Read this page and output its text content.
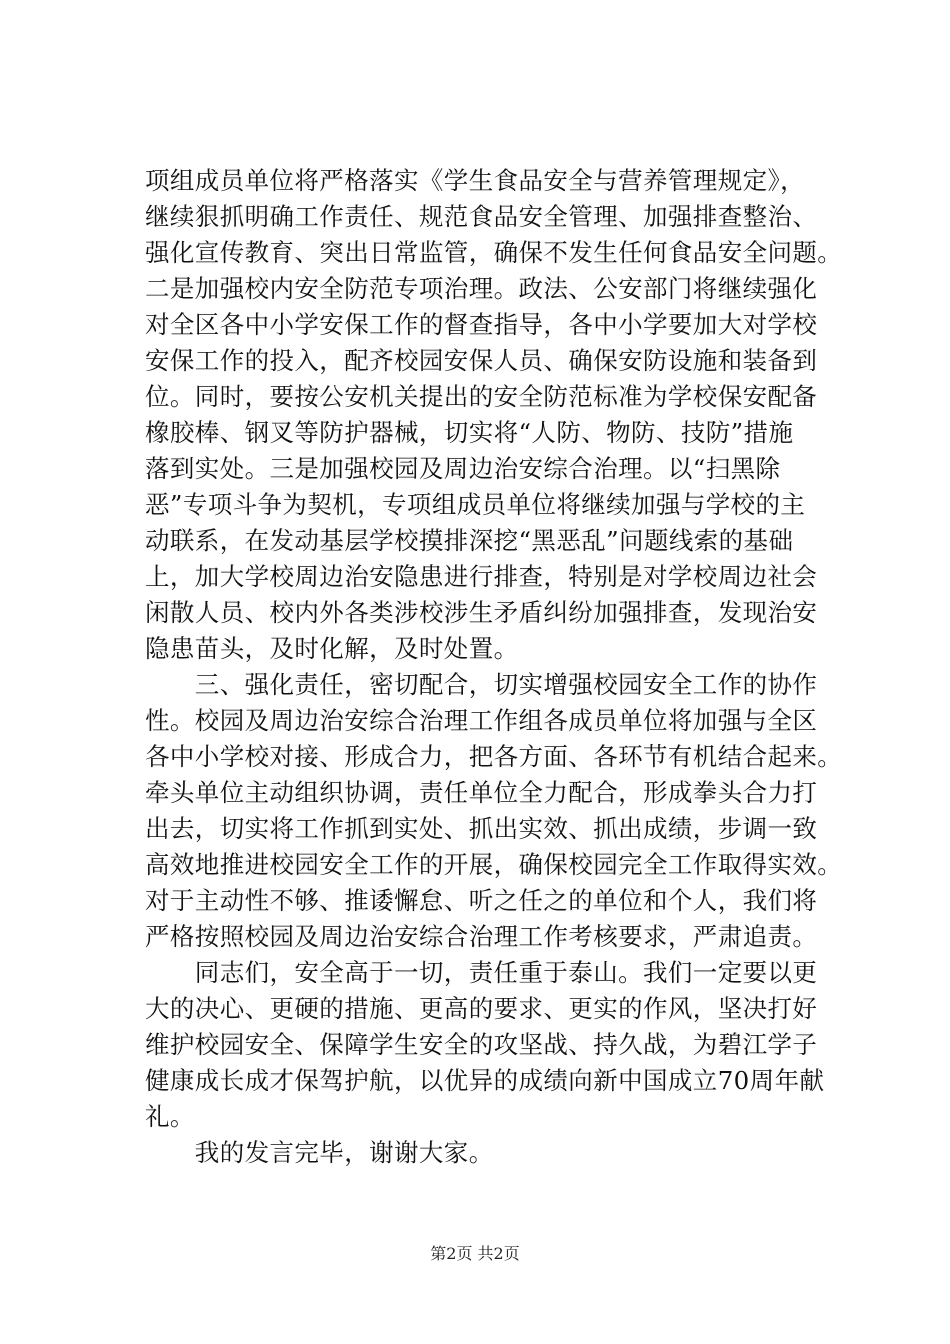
项组成员单位将严格落实《学生食品安全与营养管理规定》，
继续狠抓明确工作责任、规范食品安全管理、加强排查整治、
强化宣传教育、突出日常监管，确保不发生任何食品安全问题。
二是加强校内安全防范专项治理。政法、公安部门将继续强化
对全区各中小学安保工作的督查指导，各中小学要加大对学校
安保工作的投入，配齐校园安保人员、确保安防设施和装备到
位。同时，要按公安机关提出的安全防范标准为学校保安配备
橡胶棒、钢叉等防护器械，切实将“人防、物防、技防”措施
落到实处。三是加强校园及周边治安综合治理。以“扫黑除
恶”专项斗争为契机，专项组成员单位将继续加强与学校的主
动联系，在发动基层学校摸排深挖“黑恶乱”问题线索的基础
上，加大学校周边治安隐患进行排查，特别是对学校周边社会
闲散人员、校内外各类涉校涉生矛盾纠纷加强排查，发现治安
隐患苗头，及时化解，及时处置。
　　三、强化责任，密切配合，切实增强校园安全工作的协作
性。校园及周边治安综合治理工作组各成员单位将加强与全区
各中小学校对接、形成合力，把各方面、各环节有机结合起来。
牵头单位主动组织协调，责任单位全力配合，形成拳头合力打
出去，切实将工作抓到实处、抓出实效、抓出成绩，步调一致
高效地推进校园安全工作的开展，确保校园完全工作取得实效。
对于主动性不够、推诿懈怠、听之任之的单位和个人，我们将
严格按照校园及周边治安综合治理工作考核要求，严肃追责。
　　同志们，安全高于一切，责任重于泰山。我们一定要以更
大的决心、更硬的措施、更高的要求、更实的作风，坚决打好
维护校园安全、保障学生安全的攻坚战、持久战，为碧江学子
健康成长成才保驾护航，以优异的成绩向新中国成立70周年献
礼。
　　我的发言完毕，谢谢大家。
第2页 共2页
